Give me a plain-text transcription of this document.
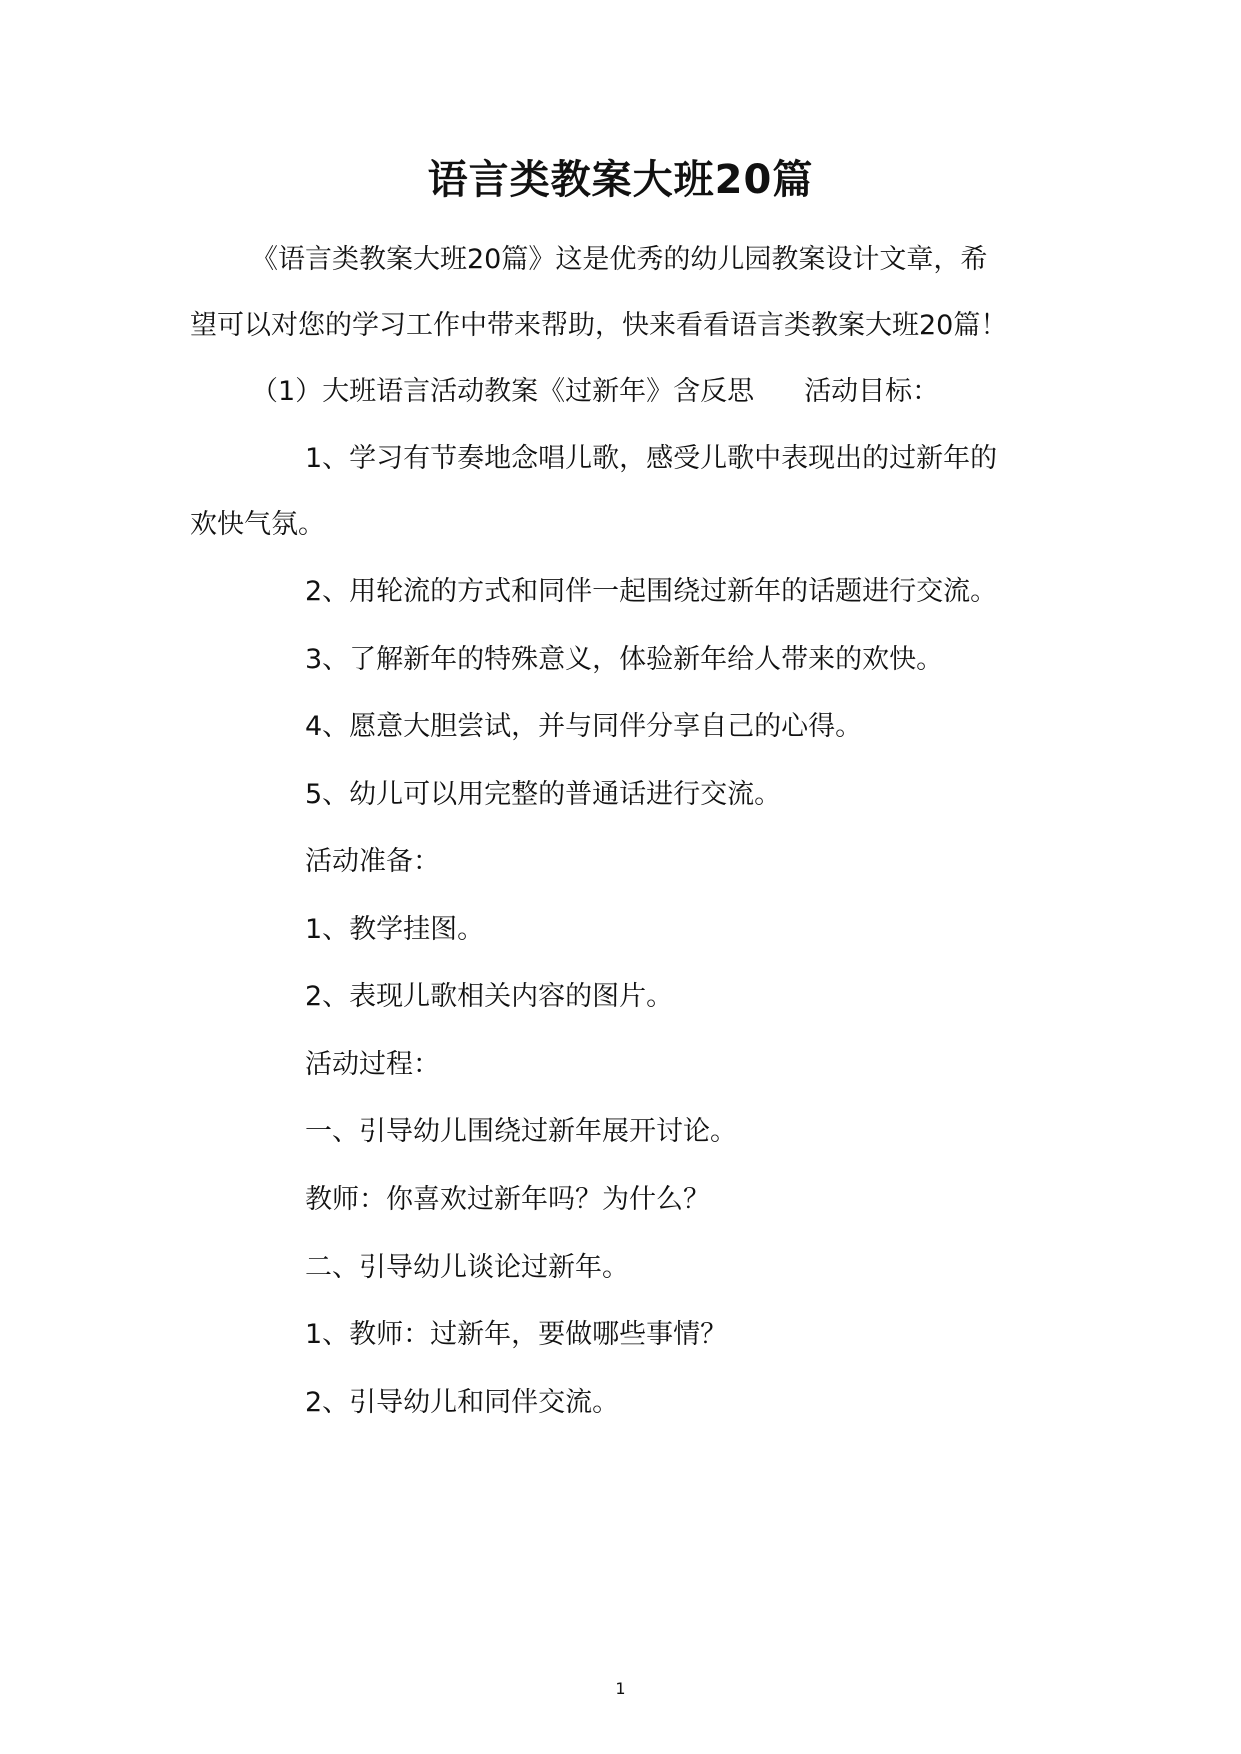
语言类教案大班20篇
《语言类教案大班20篇》这是优秀的幼儿园教案设计文章，希
望可以对您的学习工作中带来帮助，快来看看语言类教案大班20篇！
（1）大班语言活动教案《过新年》含反思 活动目标：
1、学习有节奏地念唱儿歌，感受儿歌中表现出的过新年的
欢快气氛。
2、用轮流的方式和同伴一起围绕过新年的话题进行交流。
3、了解新年的特殊意义，体验新年给人带来的欢快。
4、愿意大胆尝试，并与同伴分享自己的心得。
5、幼儿可以用完整的普通话进行交流。
活动准备：
1、教学挂图。
2、表现儿歌相关内容的图片。
活动过程：
一、引导幼儿围绕过新年展开讨论。
教师：你喜欢过新年吗？为什么？
二、引导幼儿谈论过新年。
1、教师：过新年，要做哪些事情？
2、引导幼儿和同伴交流。
1
